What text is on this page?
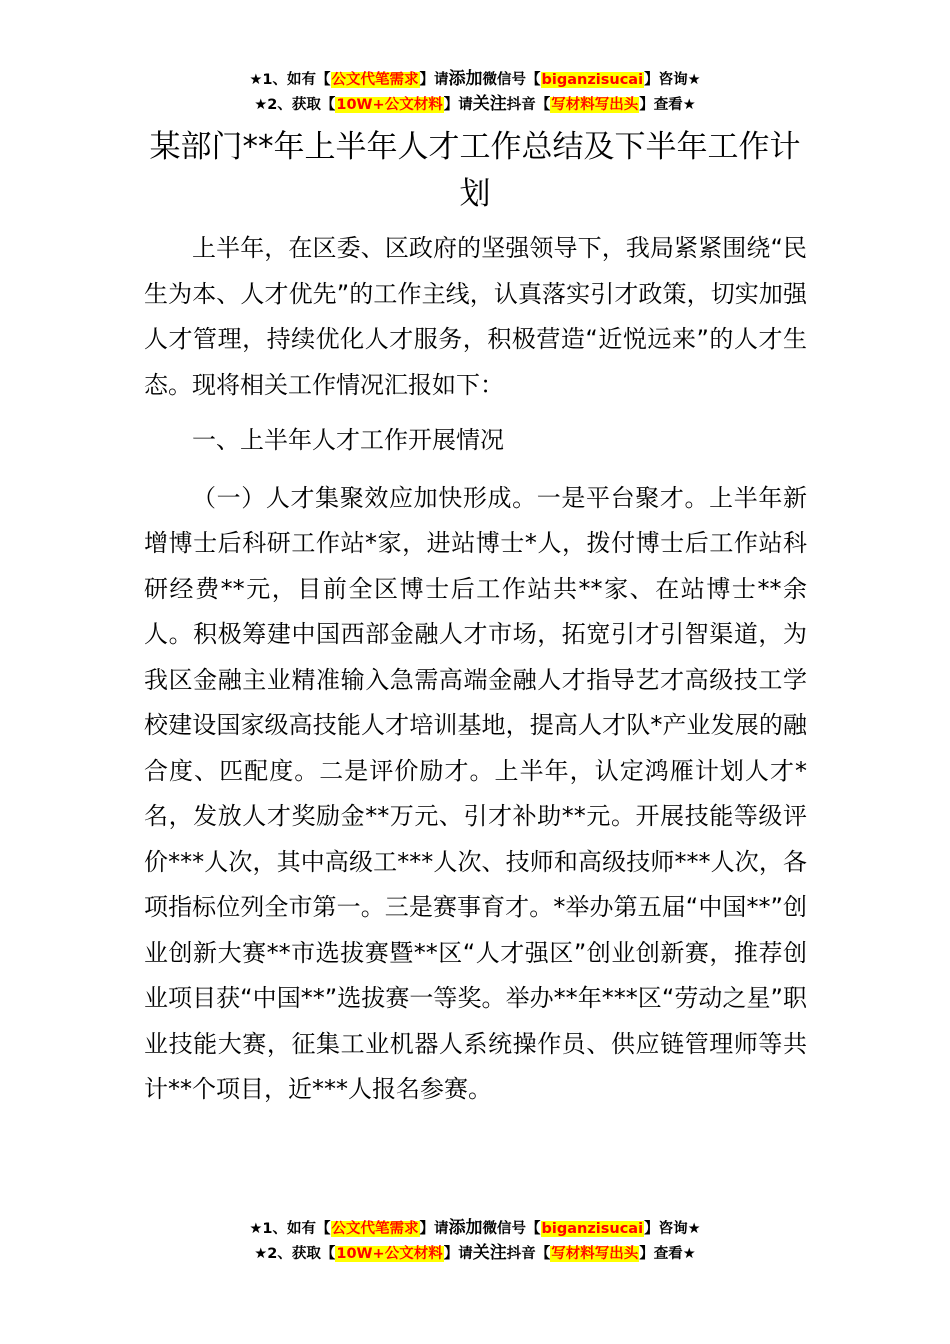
★1、如有【公文代笔需求】请添加微信号【biganzisucai】咨询★
★2、获取【10W+公文材料】请关注抖音【写材料写出头】查看★
某部门**年上半年人才工作总结及下半年工作计划

上半年，在区委、区政府的坚强领导下，我局紧紧围绕“民生为本、人才优先”的工作主线，认真落实引才政策，切实加强人才管理，持续优化人才服务，积极营造“近悦远来”的人才生态。现将相关工作情况汇报如下：

一、上半年人才工作开展情况

（一）人才集聚效应加快形成。一是平台聚才。上半年新增博士后科研工作站*家，进站博士*人，拨付博士后工作站科研经费**元，目前全区博士后工作站共**家、在站博士**余人。积极筹建中国西部金融人才市场，拓宽引才引智渠道，为我区金融主业精准输入急需高端金融人才指导艺才高级技工学校建设国家级高技能人才培训基地，提高人才队*产业发展的融合度、匹配度。二是评价励才。上半年，认定鸿雁计划人才*名，发放人才奖励金**万元、引才补助**元。开展技能等级评价***人次，其中高级工***人次、技师和高级技师***人次，各项指标位列全市第一。三是赛事育才。*举办第五届“中国**”创业创新大赛**市选拔赛暨**区“人才强区”创业创新赛，推荐创业项目获“中国**”选拔赛一等奖。举办**年***区“劳动之星”职业技能大赛，征集工业机器人系统操作员、供应链管理师等共计**个项目，近***人报名参赛。

★1、如有【公文代笔需求】请添加微信号【biganzisucai】咨询★
★2、获取【10W+公文材料】请关注抖音【写材料写出头】查看★
